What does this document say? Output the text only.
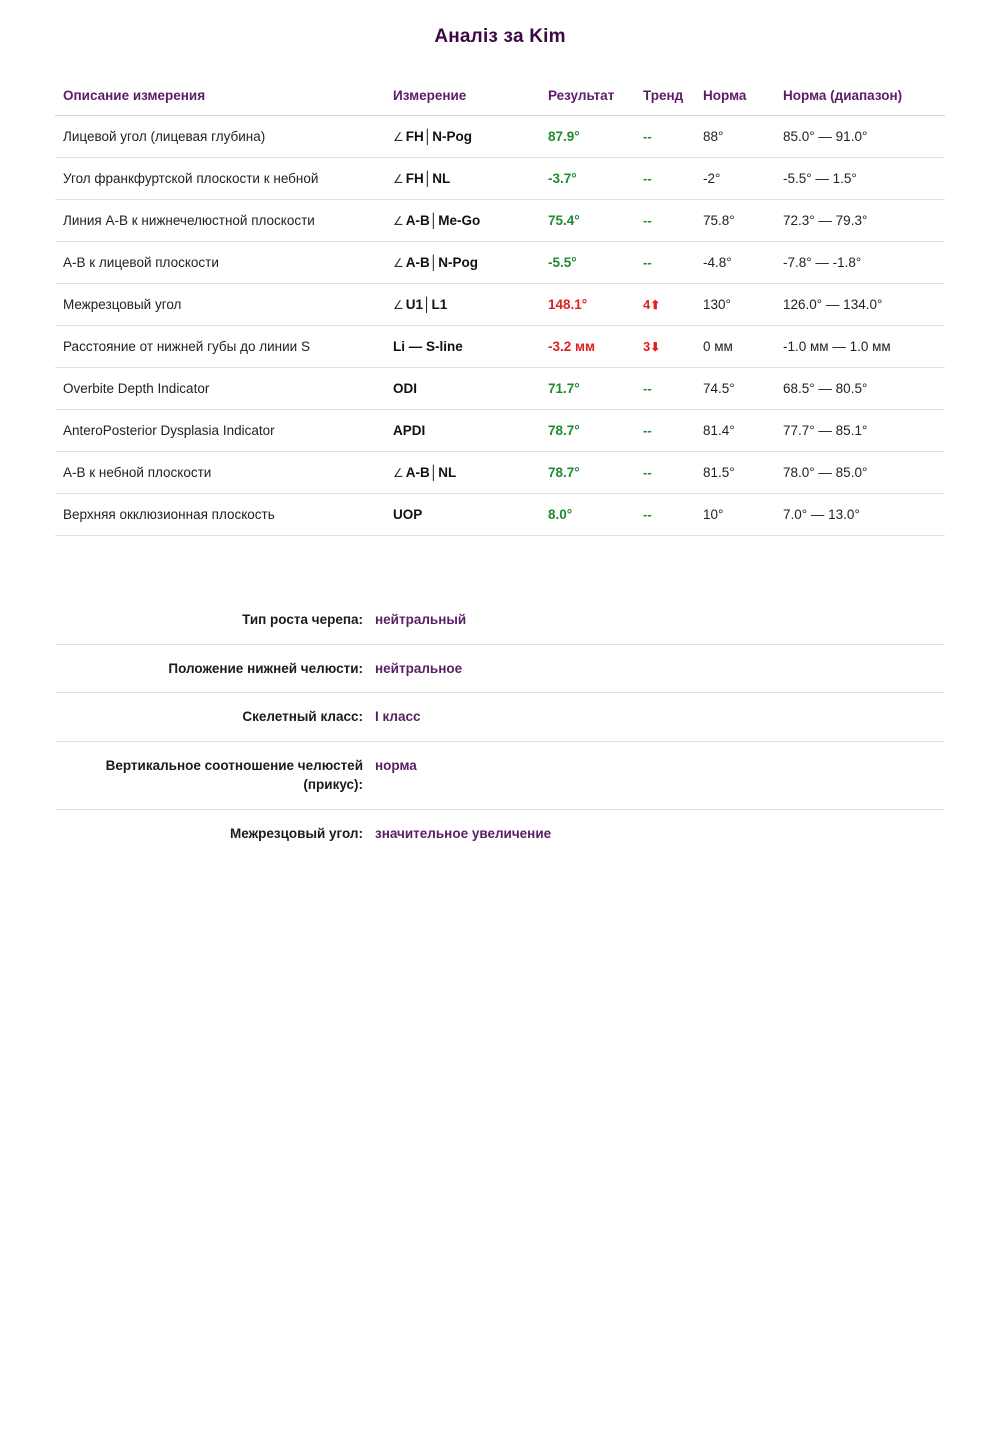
Аналіз за Kim
Описание измерения	Измерение	Результат	Тренд	Норма	Норма (диапазон)
Лицевой угол (лицевая глубина)	∠ FH│N-Pog	87.9°	--	88°	85.0° — 91.0°
Угол франкфуртской плоскости к небной	∠ FH│NL	-3.7°	--	-2°	-5.5° — 1.5°
Линия A-B к нижнечелюстной плоскости	∠ A-B│Me-Go	75.4°	--	75.8°	72.3° — 79.3°
A-B к лицевой плоскости	∠ A-B│N-Pog	-5.5°	--	-4.8°	-7.8° — -1.8°
Межрезцовый угол	∠ U1│L1	148.1°	4⬆	130°	126.0° — 134.0°
Расстояние от нижней губы до линии S	Li — S-line	-3.2 мм	3⬇	0 мм	-1.0 мм — 1.0 мм
Overbite Depth Indicator	ODI	71.7°	--	74.5°	68.5° — 80.5°
AnteroPosterior Dysplasia Indicator	APDI	78.7°	--	81.4°	77.7° — 85.1°
A-B к небной плоскости	∠ A-B│NL	78.7°	--	81.5°	78.0° — 85.0°
Верхняя окклюзионная плоскость	UOP	8.0°	--	10°	7.0° — 13.0°
Тип роста черепа: нейтральный
Положение нижней челюсти: нейтральное
Скелетный класс: I класс
Вертикальное соотношение челюстей (прикус):
норма
Межрезцовый угол: значительное увеличение
